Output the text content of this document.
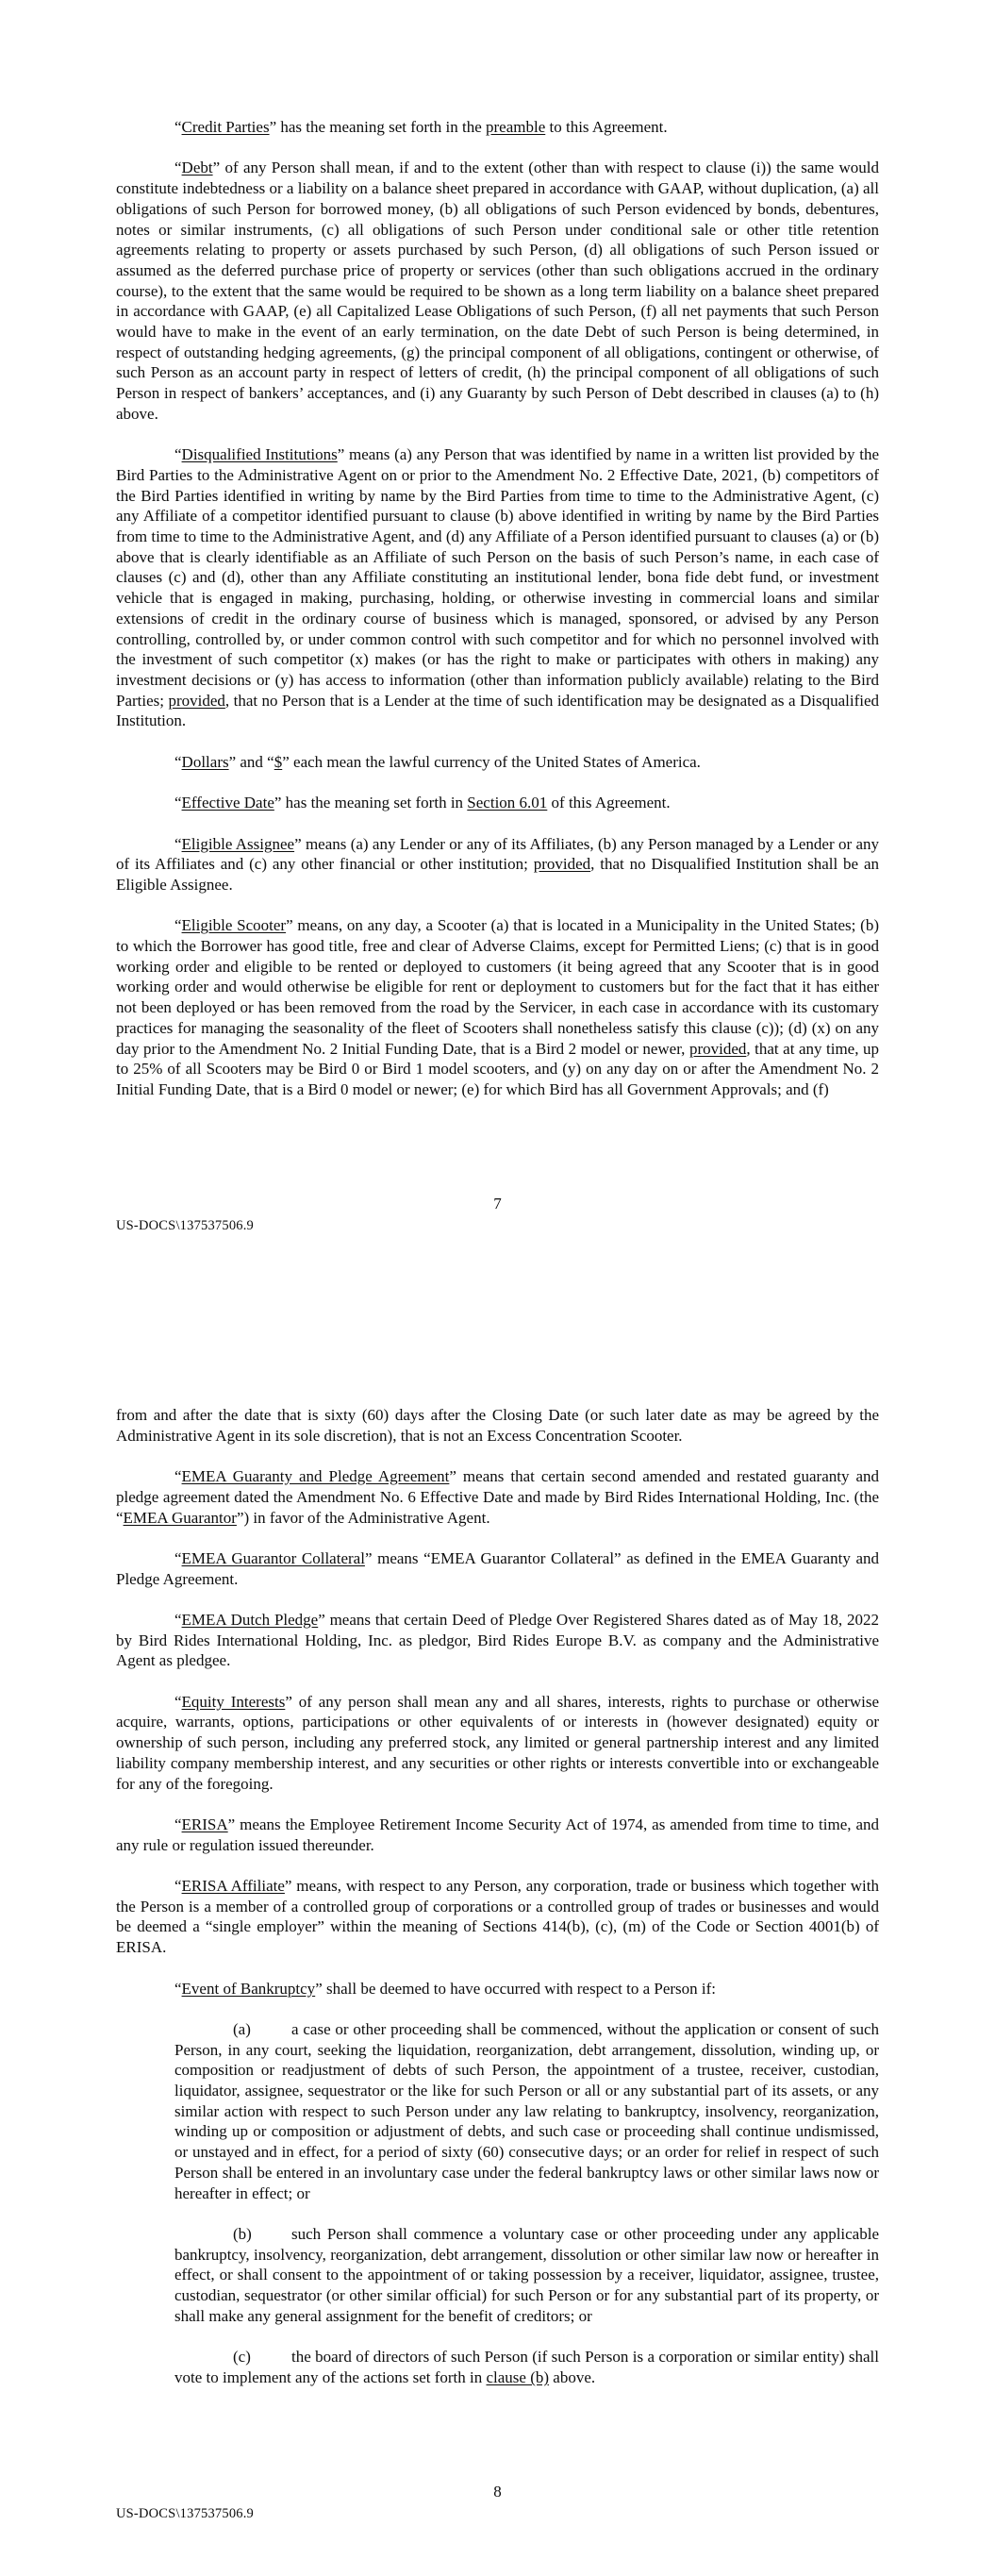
“Credit Parties” has the meaning set forth in the preamble to this Agreement.

“Debt” of any Person shall mean, if and to the extent (other than with respect to clause (i)) the same would constitute indebtedness or a liability on a balance sheet prepared in accordance with GAAP, without duplication, (a) all obligations of such Person for borrowed money, (b) all obligations of such Person evidenced by bonds, debentures, notes or similar instruments, (c) all obligations of such Person under conditional sale or other title retention agreements relating to property or assets purchased by such Person, (d) all obligations of such Person issued or assumed as the deferred purchase price of property or services (other than such obligations accrued in the ordinary course), to the extent that the same would be required to be shown as a long term liability on a balance sheet prepared in accordance with GAAP, (e) all Capitalized Lease Obligations of such Person, (f) all net payments that such Person would have to make in the event of an early termination, on the date Debt of such Person is being determined, in respect of outstanding hedging agreements, (g) the principal component of all obligations, contingent or otherwise, of such Person as an account party in respect of letters of credit, (h) the principal component of all obligations of such Person in respect of bankers’ acceptances, and (i) any Guaranty by such Person of Debt described in clauses (a) to (h) above.

“Disqualified Institutions” means (a) any Person that was identified by name in a written list provided by the Bird Parties to the Administrative Agent on or prior to the Amendment No. 2 Effective Date, 2021, (b) competitors of the Bird Parties identified in writing by name by the Bird Parties from time to time to the Administrative Agent, (c) any Affiliate of a competitor identified pursuant to clause (b) above identified in writing by name by the Bird Parties from time to time to the Administrative Agent, and (d) any Affiliate of a Person identified pursuant to clauses (a) or (b) above that is clearly identifiable as an Affiliate of such Person on the basis of such Person’s name, in each case of clauses (c) and (d), other than any Affiliate constituting an institutional lender, bona fide debt fund, or investment vehicle that is engaged in making, purchasing, holding, or otherwise investing in commercial loans and similar extensions of credit in the ordinary course of business which is managed, sponsored, or advised by any Person controlling, controlled by, or under common control with such competitor and for which no personnel involved with the investment of such competitor (x) makes (or has the right to make or participates with others in making) any investment decisions or (y) has access to information (other than information publicly available) relating to the Bird Parties; provided, that no Person that is a Lender at the time of such identification may be designated as a Disqualified Institution.

“Dollars” and “$” each mean the lawful currency of the United States of America.

“Effective Date” has the meaning set forth in Section 6.01 of this Agreement.

“Eligible Assignee” means (a) any Lender or any of its Affiliates, (b) any Person managed by a Lender or any of its Affiliates and (c) any other financial or other institution; provided, that no Disqualified Institution shall be an Eligible Assignee.

“Eligible Scooter” means, on any day, a Scooter (a) that is located in a Municipality in the United States; (b) to which the Borrower has good title, free and clear of Adverse Claims, except for Permitted Liens; (c) that is in good working order and eligible to be rented or deployed to customers (it being agreed that any Scooter that is in good working order and would otherwise be eligible for rent or deployment to customers but for the fact that it has either not been deployed or has been removed from the road by the Servicer, in each case in accordance with its customary practices for managing the seasonality of the fleet of Scooters shall nonetheless satisfy this clause (c)); (d) (x) on any day prior to the Amendment No. 2 Initial Funding Date, that is a Bird 2 model or newer, provided, that at any time, up to 25% of all Scooters may be Bird 0 or Bird 1 model scooters, and (y) on any day on or after the Amendment No. 2 Initial Funding Date, that is a Bird 0 model or newer; (e) for which Bird has all Government Approvals; and (f)

7
US-DOCS\137537506.9

from and after the date that is sixty (60) days after the Closing Date (or such later date as may be agreed by the Administrative Agent in its sole discretion), that is not an Excess Concentration Scooter.

“EMEA Guaranty and Pledge Agreement” means that certain second amended and restated guaranty and pledge agreement dated the Amendment No. 6 Effective Date and made by Bird Rides International Holding, Inc. (the “EMEA Guarantor”) in favor of the Administrative Agent.

“EMEA Guarantor Collateral” means “EMEA Guarantor Collateral” as defined in the EMEA Guaranty and Pledge Agreement.

“EMEA Dutch Pledge” means that certain Deed of Pledge Over Registered Shares dated as of May 18, 2022 by Bird Rides International Holding, Inc. as pledgor, Bird Rides Europe B.V. as company and the Administrative Agent as pledgee.

“Equity Interests” of any person shall mean any and all shares, interests, rights to purchase or otherwise acquire, warrants, options, participations or other equivalents of or interests in (however designated) equity or ownership of such person, including any preferred stock, any limited or general partnership interest and any limited liability company membership interest, and any securities or other rights or interests convertible into or exchangeable for any of the foregoing.

“ERISA” means the Employee Retirement Income Security Act of 1974, as amended from time to time, and any rule or regulation issued thereunder.

“ERISA Affiliate” means, with respect to any Person, any corporation, trade or business which together with the Person is a member of a controlled group of corporations or a controlled group of trades or businesses and would be deemed a “single employer” within the meaning of Sections 414(b), (c), (m) of the Code or Section 4001(b) of ERISA.

“Event of Bankruptcy” shall be deemed to have occurred with respect to a Person if:

(a)	a case or other proceeding shall be commenced, without the application or consent of such Person, in any court, seeking the liquidation, reorganization, debt arrangement, dissolution, winding up, or composition or readjustment of debts of such Person, the appointment of a trustee, receiver, custodian, liquidator, assignee, sequestrator or the like for such Person or all or any substantial part of its assets, or any similar action with respect to such Person under any law relating to bankruptcy, insolvency, reorganization, winding up or composition or adjustment of debts, and such case or proceeding shall continue undismissed, or unstayed and in effect, for a period of sixty (60) consecutive days; or an order for relief in respect of such Person shall be entered in an involuntary case under the federal bankruptcy laws or other similar laws now or hereafter in effect; or

(b) such Person shall commence a voluntary case or other proceeding under any applicable bankruptcy, insolvency, reorganization, debt arrangement, dissolution or other similar law now or hereafter in effect, or shall consent to the appointment of or taking possession by a receiver, liquidator, assignee, trustee, custodian, sequestrator (or other similar official) for such Person or for any substantial part of its property, or shall make any general assignment for the benefit of creditors; or

(c)	the board of directors of such Person (if such Person is a corporation or similar entity) shall vote to implement any of the actions set forth in clause (b) above.

8
US-DOCS\137537506.9
